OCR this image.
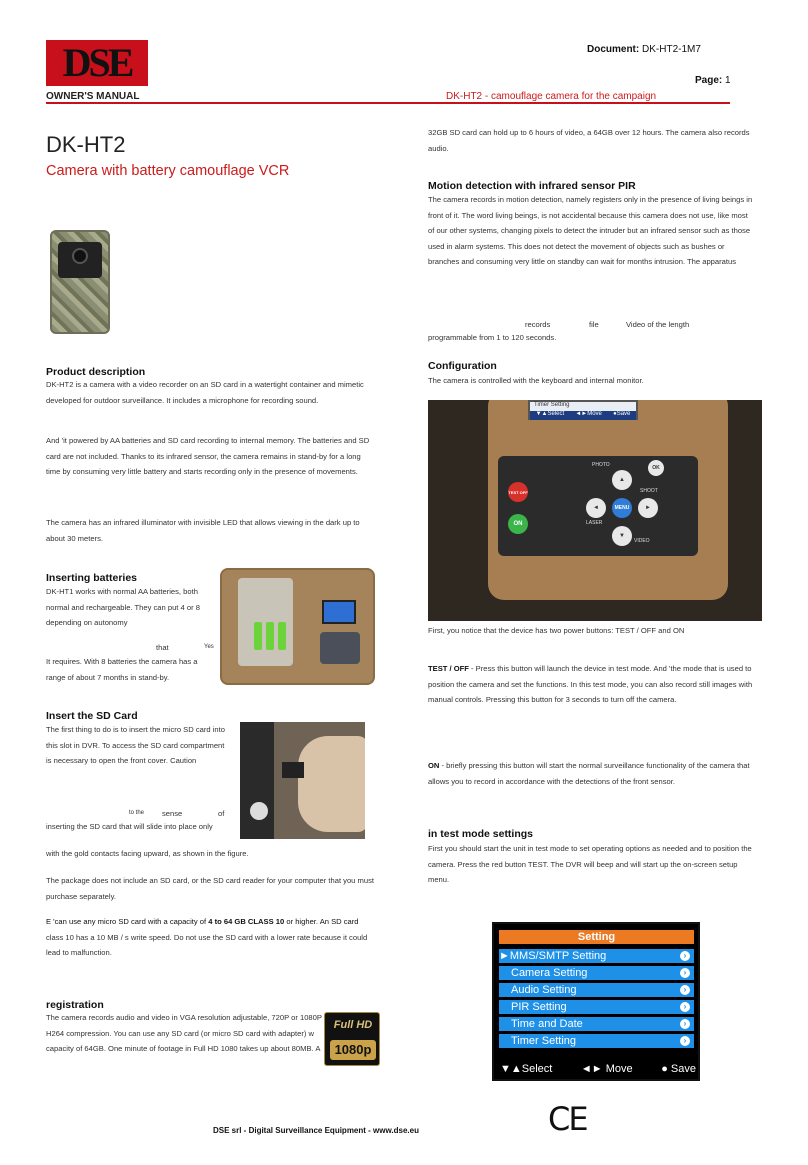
DSE
OWNER'S MANUAL
Document: DK-HT2-1M7
Page: 1
DK-HT2 - camouflage camera for the campaign
DK-HT2
Camera with battery camouflage VCR
Product description
DK-HT2 is a camera with a video recorder on an SD card in a watertight container and mimetic
developed for outdoor surveillance. It includes a microphone for recording sound.
And 'it powered by AA batteries and SD card recording to internal memory. The batteries and SD
card are not included. Thanks to its infrared sensor, the camera remains in stand-by for a long
time by consuming very little battery and starts recording only in the presence of movements.
The camera has an infrared illuminator with invisible LED that allows viewing in the dark up to
about 30 meters.
Inserting batteries
DK-HT1 works with normal AA batteries, both
normal and rechargeable. They can put 4 or 8
depending on autonomy
that	Yes
It requires. With 8 batteries the camera has a
range of about 7 months in stand-by.
Insert the SD Card
The first thing to do is to insert the micro SD card into
this slot in DVR. To access the SD card compartment
is necessary to open the front cover. Caution
to the sense	of
inserting the SD card that will slide into place only
with the gold contacts facing upward, as shown in the figure.
The package does not include an SD card, or the SD card reader for your computer that you must
purchase separately.
E 'can use any micro SD card with a capacity of 4 to 64 GB CLASS 10 or higher. An SD card
class 10 has a 10 MB / s write speed. Do not use the SD card with a lower rate because it could
lead to malfunction.
registration
The camera records audio and video in VGA resolution adjustable, 720P or 1080P
H264 compression. You can use any SD card (or micro SD card with adapter) w
capacity of 64GB. One minute of footage in Full HD 1080 takes up about 80MB. A
Full HD
1080p
32GB SD card can hold up to 6 hours of video, a 64GB over 12 hours. The camera also records
audio.
Motion detection with infrared sensor PIR
The camera records in motion detection, namely registers only in the presence of living beings in
front of it. The word living beings, is not accidental because this camera does not use, like most
of our other systems, changing pixels to detect the intruder but an infrared sensor such as those
used in alarm systems. This does not detect the movement of objects such as bushes or
branches and consuming very little on standby can wait for months intrusion. The apparatus
records	file	Video of the length
programmable from 1 to 120 seconds.
Configuration
The camera is controlled with the keyboard and internal monitor.
Timer Setting
▼▲Select ◄►Move ●Save
TEST OFF
ON
PHOTO
▲
◄	MENU	►
▼
SHOOT
LASER
VIDEO
OK
First, you notice that the device has two power buttons: TEST / OFF and ON
TEST / OFF - Press this button will launch the device in test mode. And 'the mode that is used to
position the camera and set the functions. In this test mode, you can also record still images with
manual controls. Pressing this button for 3 seconds to turn off the camera.
ON - briefly pressing this button will start the normal surveillance functionality of the camera that
allows you to record in accordance with the detections of the front sensor.
in test mode settings
First you should start the unit in test mode to set operating options as needed and to position the
camera. Press the red button TEST. The DVR will beep and will start up the on-screen setup
menu.
Setting
►MMS/SMTP Setting	›
Camera Setting	›
Audio Setting	›
PIR Setting	›
Time and Date	›
Timer Setting	›
▼▲Select	◄► Move	● Save
CE
DSE srl - Digital Surveillance Equipment - www.dse.eu
